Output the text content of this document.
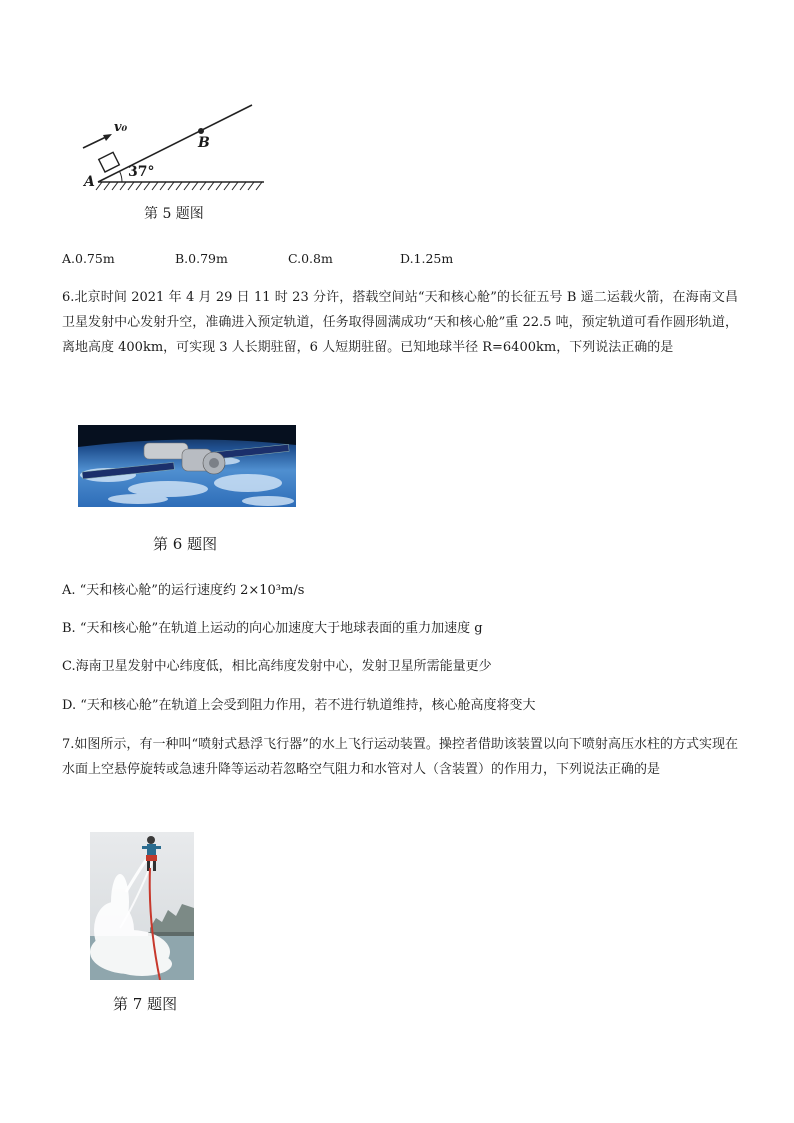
v₀
B
A
37°
第 5 题图
A.0.75m	B.0.79m	C.0.8m	D.1.25m
6.北京时间 2021 年 4 月 29 日 11 时 23 分许，搭载空间站“天和核心舱”的长征五号 B 遥二运载火箭，在海南文昌卫星发射中心发射升空，准确进入预定轨道，任务取得圆满成功“天和核心舱”重 22.5 吨，预定轨道可看作圆形轨道，离地高度 400km，可实现 3 人长期驻留，6 人短期驻留。已知地球半径 R=6400km，下列说法正确的是
第 6 题图
A. “天和核心舱”的运行速度约 2×10³m/s
B. “天和核心舱”在轨道上运动的向心加速度大于地球表面的重力加速度 g
C.海南卫星发射中心纬度低，相比高纬度发射中心，发射卫星所需能量更少
D. “天和核心舱”在轨道上会受到阻力作用，若不进行轨道维持，核心舱高度将变大
7.如图所示，有一种叫“喷射式悬浮飞行器”的水上飞行运动装置。操控者借助该装置以向下喷射高压水柱的方式实现在水面上空悬停旋转或急速升降等运动若忽略空气阻力和水管对人（含装置）的作用力，下列说法正确的是
第 7 题图
